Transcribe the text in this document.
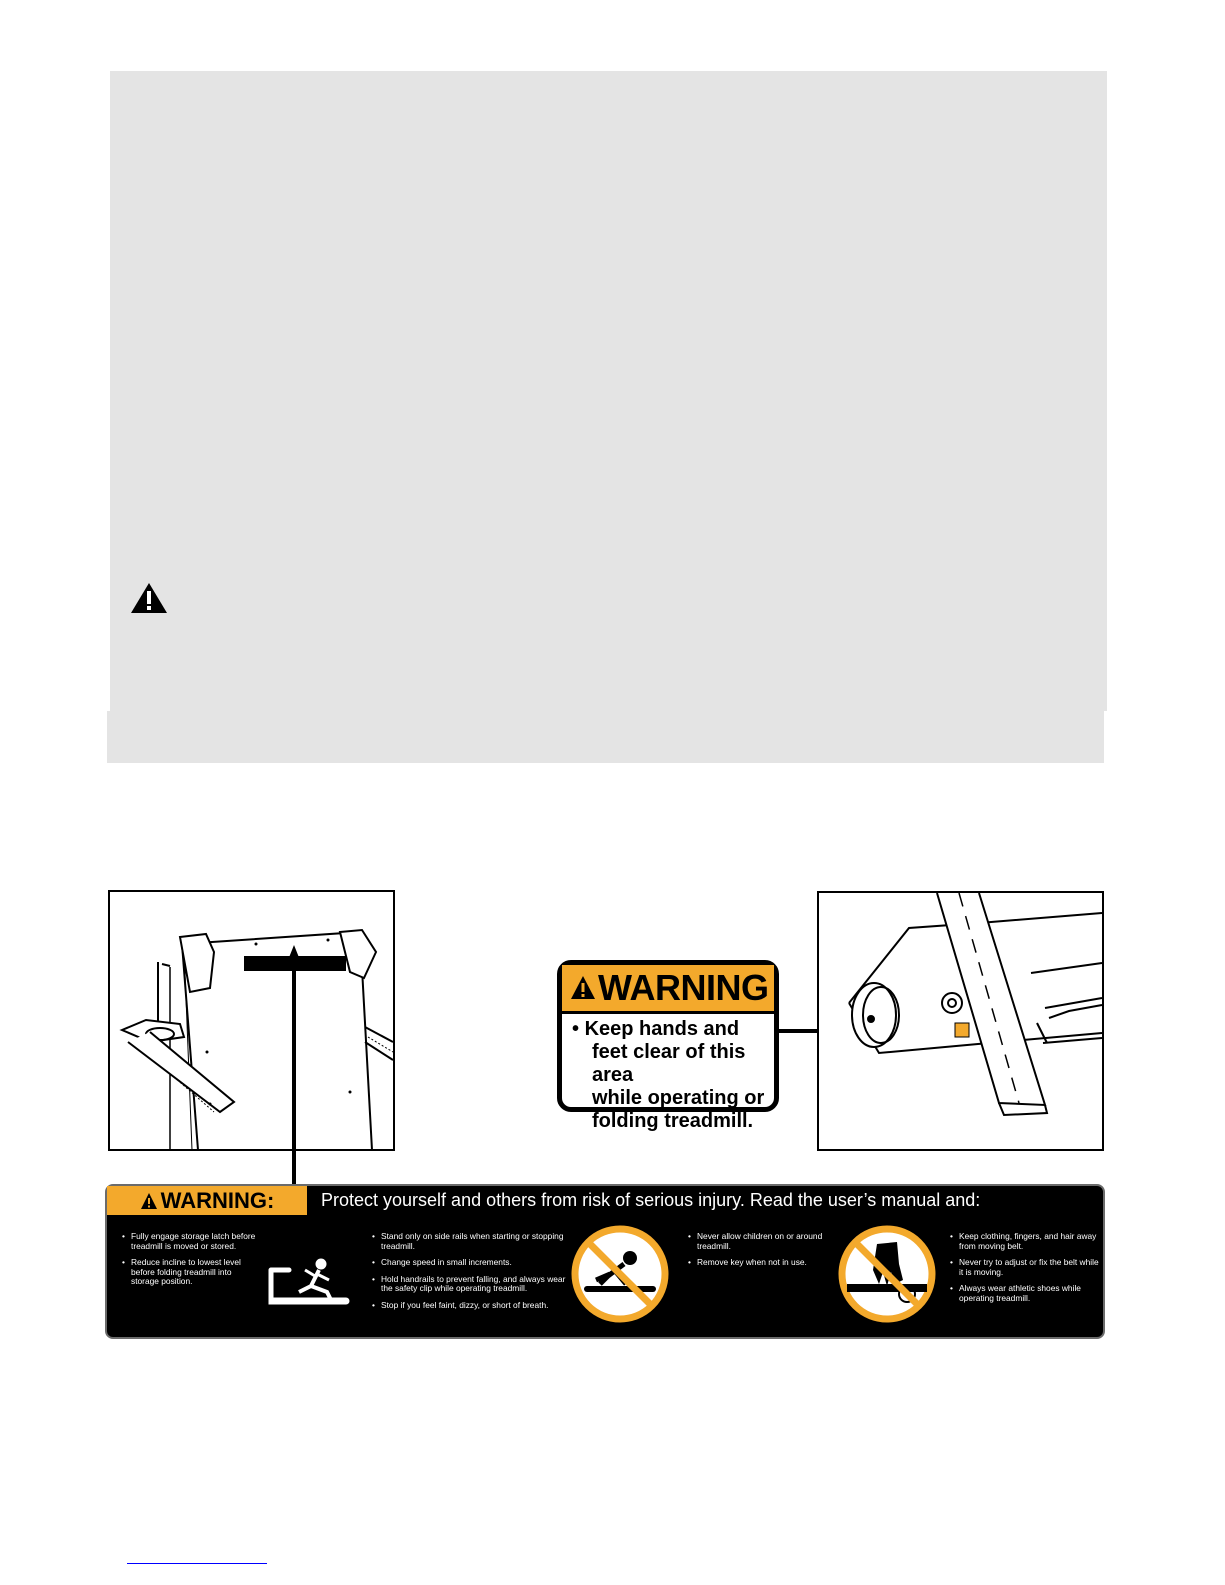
WARNING
• Keep hands and
feet clear of this area
while operating or
folding treadmill.
WARNING:	Protect yourself and others from risk of serious injury. Read the user’s manual and:
• Fully engage storage latch before treadmill is moved or stored.
• Reduce incline to lowest level before folding treadmill into storage position.
• Stand only on side rails when starting or stopping treadmill.
• Change speed in small increments.
• Hold handrails to prevent falling, and always wear the safety clip while operating treadmill.
• Stop if you feel faint, dizzy, or short of breath.
• Never allow children on or around treadmill.
• Remove key when not in use.
• Keep clothing, fingers, and hair away from moving belt.
• Never try to adjust or fix the belt while it is moving.
• Always wear athletic shoes while operating treadmill.
